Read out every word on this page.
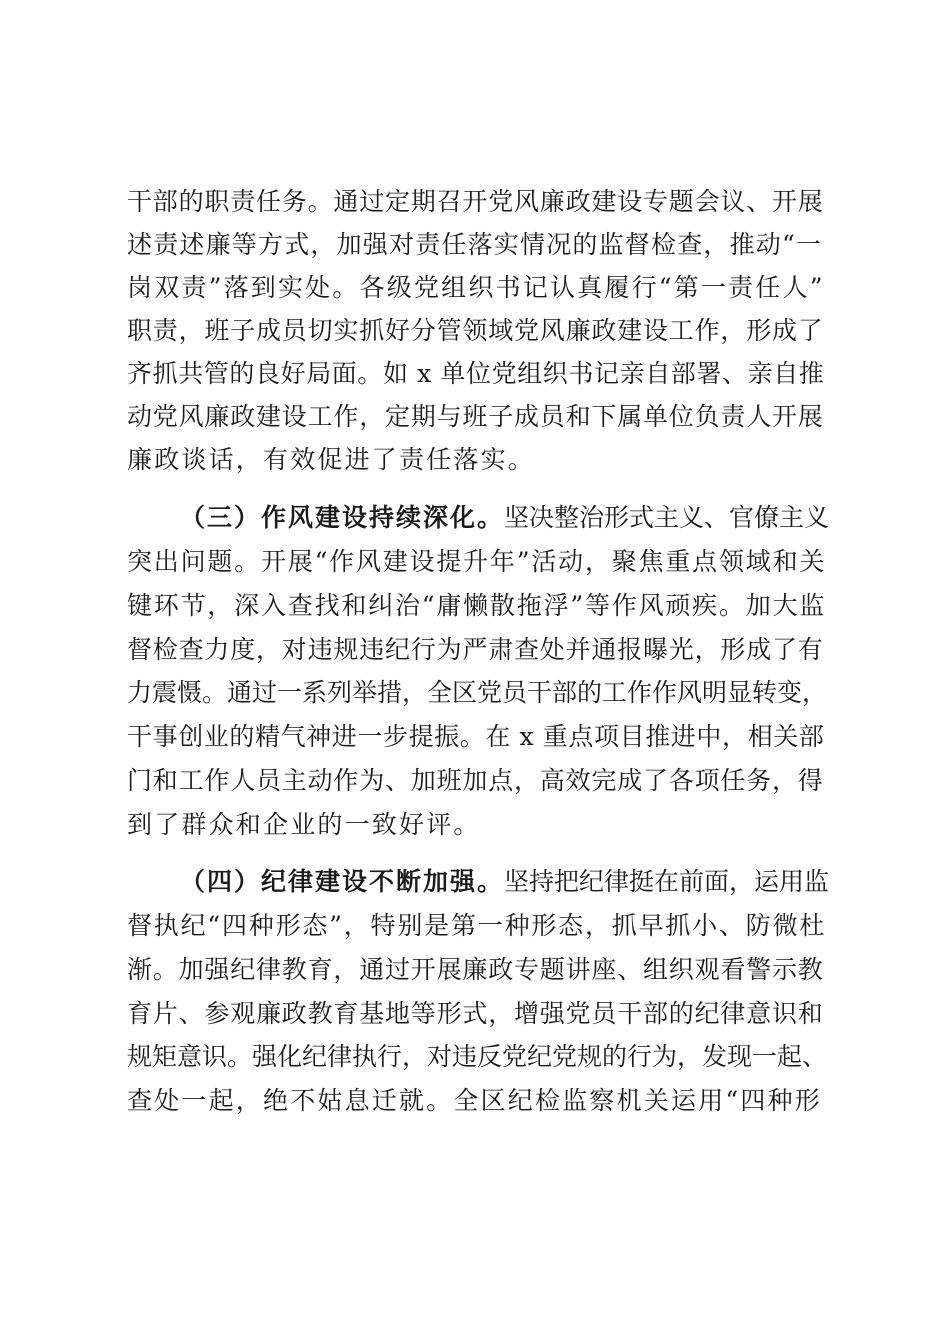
干部的职责任务。通过定期召开党风廉政建设专题会议、开展
述责述廉等方式，加强对责任落实情况的监督检查，推动“一
岗双责”落到实处。各级党组织书记认真履行“第一责任人”
职责，班子成员切实抓好分管领域党风廉政建设工作，形成了
齐抓共管的良好局面。如 x 单位党组织书记亲自部署、亲自推
动党风廉政建设工作，定期与班子成员和下属单位负责人开展
廉政谈话，有效促进了责任落实。
（三）作风建设持续深化。坚决整治形式主义、官僚主义
突出问题。开展“作风建设提升年”活动，聚焦重点领域和关
键环节，深入查找和纠治“庸懒散拖浮”等作风顽疾。加大监
督检查力度，对违规违纪行为严肃查处并通报曝光，形成了有
力震慑。通过一系列举措，全区党员干部的工作作风明显转变，
干事创业的精气神进一步提振。在 x 重点项目推进中，相关部
门和工作人员主动作为、加班加点，高效完成了各项任务，得
到了群众和企业的一致好评。
（四）纪律建设不断加强。坚持把纪律挺在前面，运用监
督执纪“四种形态”，特别是第一种形态，抓早抓小、防微杜
渐。加强纪律教育，通过开展廉政专题讲座、组织观看警示教
育片、参观廉政教育基地等形式，增强党员干部的纪律意识和
规矩意识。强化纪律执行，对违反党纪党规的行为，发现一起、
查处一起，绝不姑息迁就。全区纪检监察机关运用“四种形
